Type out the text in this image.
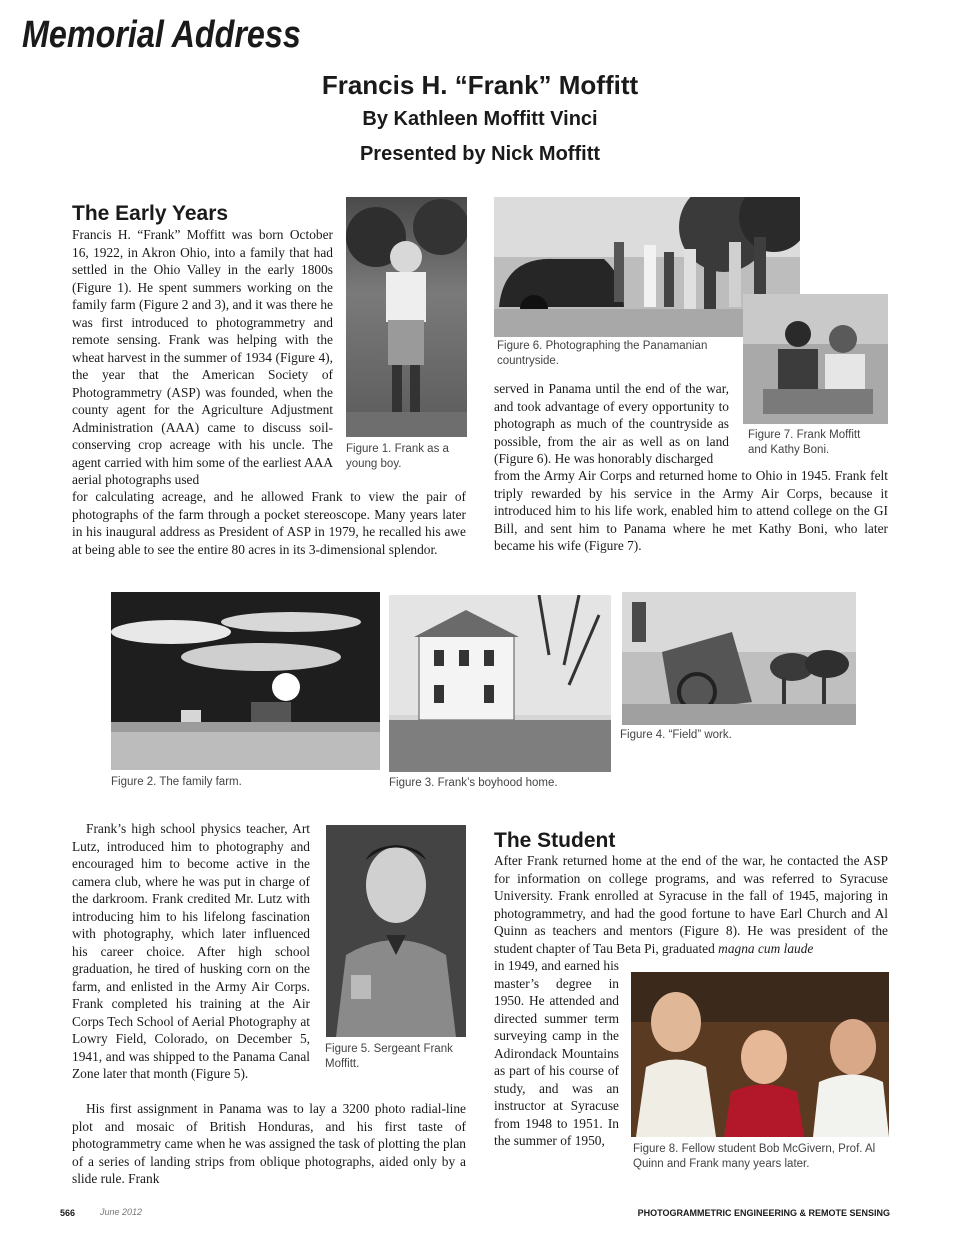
Memorial Address
Francis H. “Frank” Moffitt
By Kathleen Moffitt Vinci
Presented by Nick Moffitt
The Early Years

Francis H. “Frank” Moffitt was born October 16, 1922, in Akron Ohio, into a family that had settled in the Ohio Valley in the early 1800s (Figure 1). He spent summers working on the family farm (Figure 2 and 3), and it was there he was first introduced to photogrammetry and remote sensing. Frank was helping with the wheat harvest in the summer of 1934 (Figure 4), the year that the American Society of Photogrammetry (ASP) was founded, when the county agent for the Agriculture Adjustment Administration (AAA) came to discuss soil-conserving crop acreage with his uncle. The agent carried with him some of the earliest AAA aerial photographs used

for calculating acreage, and he allowed Frank to view the pair of photographs of the farm through a pocket stereoscope. Many years later in his inaugural address as President of ASP in 1979, he recalled his awe at being able to see the entire 80 acres in its 3-dimensional splendor.

Figure 1. Frank as a young boy.
Figure 6. Photographing the Panamanian countryside.
Figure 7. Frank Moffitt and Kathy Boni.

served in Panama until the end of the war, and took advantage of every opportunity to photograph as much of the countryside as possible, from the air as well as on land (Figure 6). He was honorably discharged

from the Army Air Corps and returned home to Ohio in 1945. Frank felt triply rewarded by his service in the Army Air Corps, because it introduced him to his life work, enabled him to attend college on the GI Bill, and sent him to Panama where he met Kathy Boni, who later became his wife (Figure 7).

Figure 2. The family farm.	Figure 3. Frank’s boyhood home.
Figure 4. “Field” work.

Frank’s high school physics teacher, Art Lutz, introduced him to photography and encouraged him to become active in the camera club, where he was put in charge of the darkroom. Frank credited Mr. Lutz with introducing him to his lifelong fascination with photography, which later influenced his career choice. After high school graduation, he tired of husking corn on the farm, and enlisted in the Army Air Corps. Frank completed his training at the Air Corps Tech School of Aerial Photography at Lowry Field, Colorado, on December 5, 1941, and was shipped to the Panama Canal Zone later that month (Figure 5).

His first assignment in Panama was to lay a 3200 photo radial-line plot and mosaic of British Honduras, and his first taste of photogrammetry came when he was assigned the task of plotting the plan of a series of landing strips from oblique photographs, aided only by a slide rule. Frank

Figure 5. Sergeant Frank Moffitt.
The Student

After Frank returned home at the end of the war, he contacted the ASP for information on college programs, and was referred to Syracuse University. Frank enrolled at Syracuse in the fall of 1945, majoring in photogrammetry, and had the good fortune to have Earl Church and Al Quinn as teachers and mentors (Figure 8). He was president of the student chapter of Tau Beta Pi, graduated magna cum laude

in 1949, and earned his master’s degree in 1950. He attended and directed summer term surveying camp in the Adirondack Mountains as part of his course of study, and was an instructor at Syracuse from 1948 to 1951. In the summer of 1950,

Figure 8. Fellow student Bob McGivern, Prof. Al Quinn and Frank many years later.
566	June 2012	PHOTOGRAMMETRIC ENGINEERING & REMOTE SENSING
